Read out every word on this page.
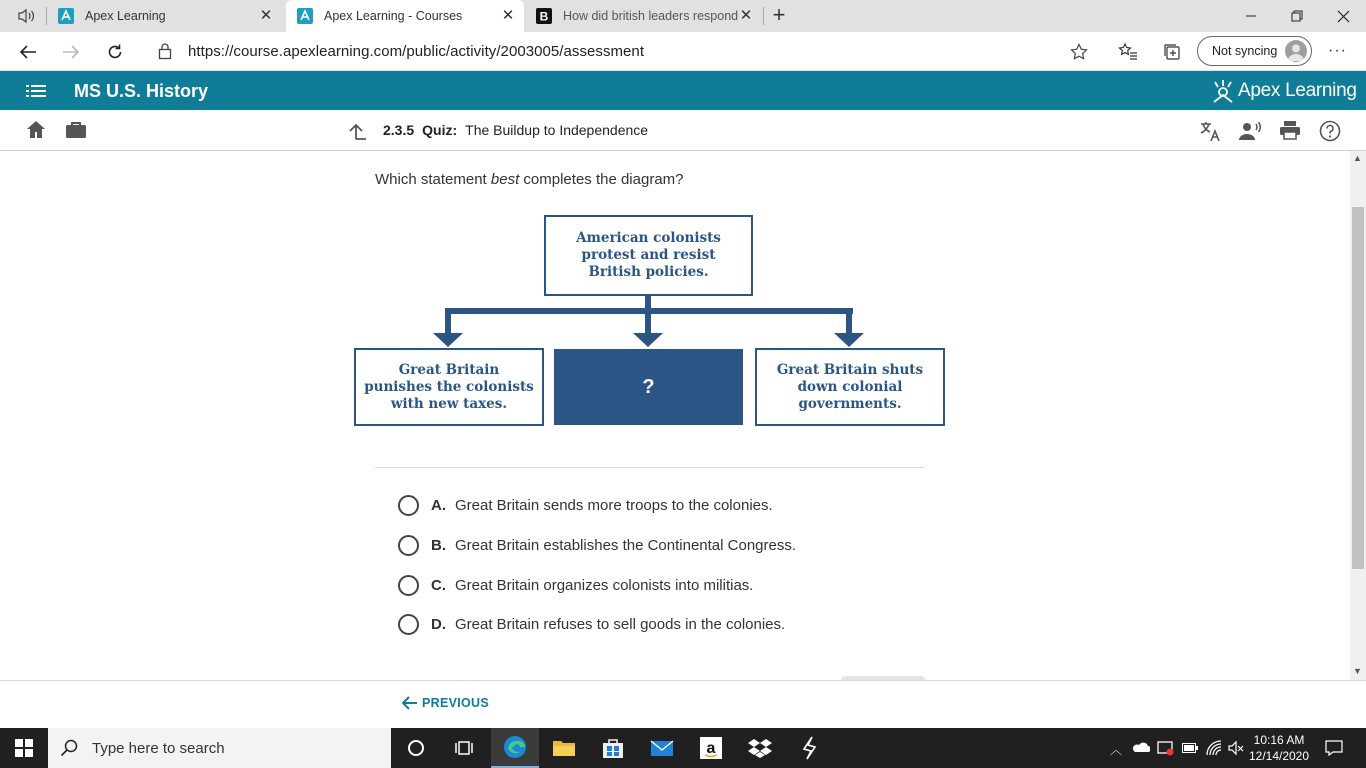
Apex Learning	✕	Apex Learning - Courses	✕ B How did british leaders respond ✕ +
https://course.apexlearning.com/public/activity/2003005/assessment	Not syncing	···
MS U.S. History	Apex Learning
2.3.5 Quiz: The Buildup to Independence
Which statement best completes the diagram?
American colonists protest and resist British policies.
Great Britain punishes the colonists with new taxes.
?
Great Britain shuts down colonial governments.
A. Great Britain sends more troops to the colonies.
B. Great Britain establishes the Continental Congress.
C. Great Britain organizes colonists into militias.
D. Great Britain refuses to sell goods in the colonies.
▲
▼
PREVIOUS
Type here to search	a	︿
10:16 AM
12/14/2020
